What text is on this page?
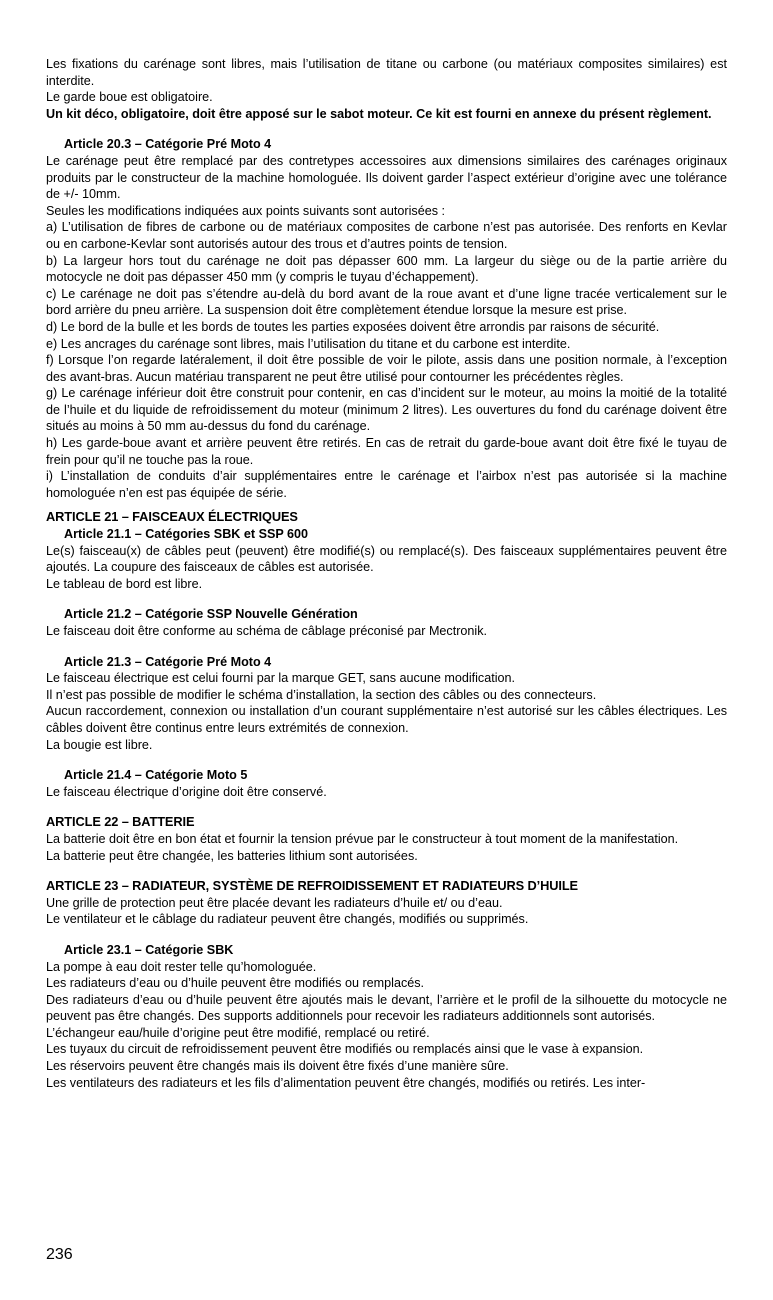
Les fixations du carénage sont libres, mais l’utilisation de titane ou carbone (ou matériaux composites similaires) est interdite.

Le garde boue est obligatoire.

Un kit déco, obligatoire, doit être apposé sur le sabot moteur. Ce kit est fourni en annexe du présent règlement.

Article 20.3 – Catégorie Pré Moto 4

Le carénage peut être remplacé par des contretypes accessoires aux dimensions similaires des carénages originaux produits par le constructeur de la machine homologuée. Ils doivent garder l’aspect extérieur d’origine avec une tolérance de +/- 10mm.

Seules les modifications indiquées aux points suivants sont autorisées :

a) L’utilisation de fibres de carbone ou de matériaux composites de carbone n’est pas autorisée. Des renforts en Kevlar ou en carbone-Kevlar sont autorisés autour des trous et d’autres points de tension.

b) La largeur hors tout du carénage ne doit pas dépasser 600 mm. La largeur du siège ou de la partie arrière du motocycle ne doit pas dépasser 450 mm (y compris le tuyau d’échappement).

c) Le carénage ne doit pas s’étendre au-delà du bord avant de la roue avant et d’une ligne tracée verticalement sur le bord arrière du pneu arrière. La suspension doit être complètement étendue lorsque la mesure est prise.

d) Le bord de la bulle et les bords de toutes les parties exposées doivent être arrondis par raisons de sécurité.

e) Les ancrages du carénage sont libres, mais l’utilisation du titane et du carbone est interdite.

f) Lorsque l’on regarde latéralement, il doit être possible de voir le pilote, assis dans une position normale, à l’exception des avant-bras. Aucun matériau transparent ne peut être utilisé pour contourner les précédentes règles.

g) Le carénage inférieur doit être construit pour contenir, en cas d’incident sur le moteur, au moins la moitié de la totalité de l’huile et du liquide de refroidissement du moteur (minimum 2 litres). Les ouvertures du fond du carénage doivent être situés au moins à 50 mm au-dessus du fond du carénage.

h) Les garde-boue avant et arrière peuvent être retirés. En cas de retrait du garde-boue avant doit être fixé le tuyau de frein pour qu’il ne touche pas la roue.

i) L’installation de conduits d’air supplémentaires entre le carénage et l’airbox n’est pas autorisée si la machine homologuée n’en est pas équipée de série.

ARTICLE 21 – FAISCEAUX ÉLECTRIQUES

Article 21.1 – Catégories SBK et SSP 600

Le(s) faisceau(x) de câbles peut (peuvent) être modifié(s) ou remplacé(s). Des faisceaux supplémentaires peuvent être ajoutés. La coupure des faisceaux de câbles est autorisée.

Le tableau de bord est libre.

Article 21.2 – Catégorie SSP Nouvelle Génération

Le faisceau doit être conforme au schéma de câblage préconisé par Mectronik.

Article 21.3 – Catégorie Pré Moto 4

Le faisceau électrique est celui fourni par la marque GET, sans aucune modification.

Il n’est pas possible de modifier le schéma d’installation, la section des câbles ou des connecteurs.

Aucun raccordement, connexion ou installation d’un courant supplémentaire n’est autorisé sur les câbles électriques. Les câbles doivent être continus entre leurs extrémités de connexion.

La bougie est libre.

Article 21.4 – Catégorie Moto 5

Le faisceau électrique d’origine doit être conservé.

ARTICLE 22 – BATTERIE

La batterie doit être en bon état et fournir la tension prévue par le constructeur à tout moment de la manifestation.

La batterie peut être changée, les batteries lithium sont autorisées.

ARTICLE 23 – RADIATEUR, SYSTÈME DE REFROIDISSEMENT ET RADIATEURS D’HUILE

Une grille de protection peut être placée devant les radiateurs d’huile et/ ou d’eau.

Le ventilateur et le câblage du radiateur peuvent être changés, modifiés ou supprimés.

Article 23.1 – Catégorie SBK

La pompe à eau doit rester telle qu’homologuée.

Les radiateurs d’eau ou d’huile peuvent être modifiés ou remplacés.

Des radiateurs d’eau ou d’huile peuvent être ajoutés mais le devant, l’arrière et le profil de la silhouette du motocycle ne peuvent pas être changés. Des supports additionnels pour recevoir les radiateurs additionnels sont autorisés.

L’échangeur eau/huile d’origine peut être modifié, remplacé ou retiré.

Les tuyaux du circuit de refroidissement peuvent être modifiés ou remplacés ainsi que le vase à expansion.

Les réservoirs peuvent être changés mais ils doivent être fixés d’une manière sûre.

Les ventilateurs des radiateurs et les fils d’alimentation peuvent être changés, modifiés ou retirés. Les inter-

236
